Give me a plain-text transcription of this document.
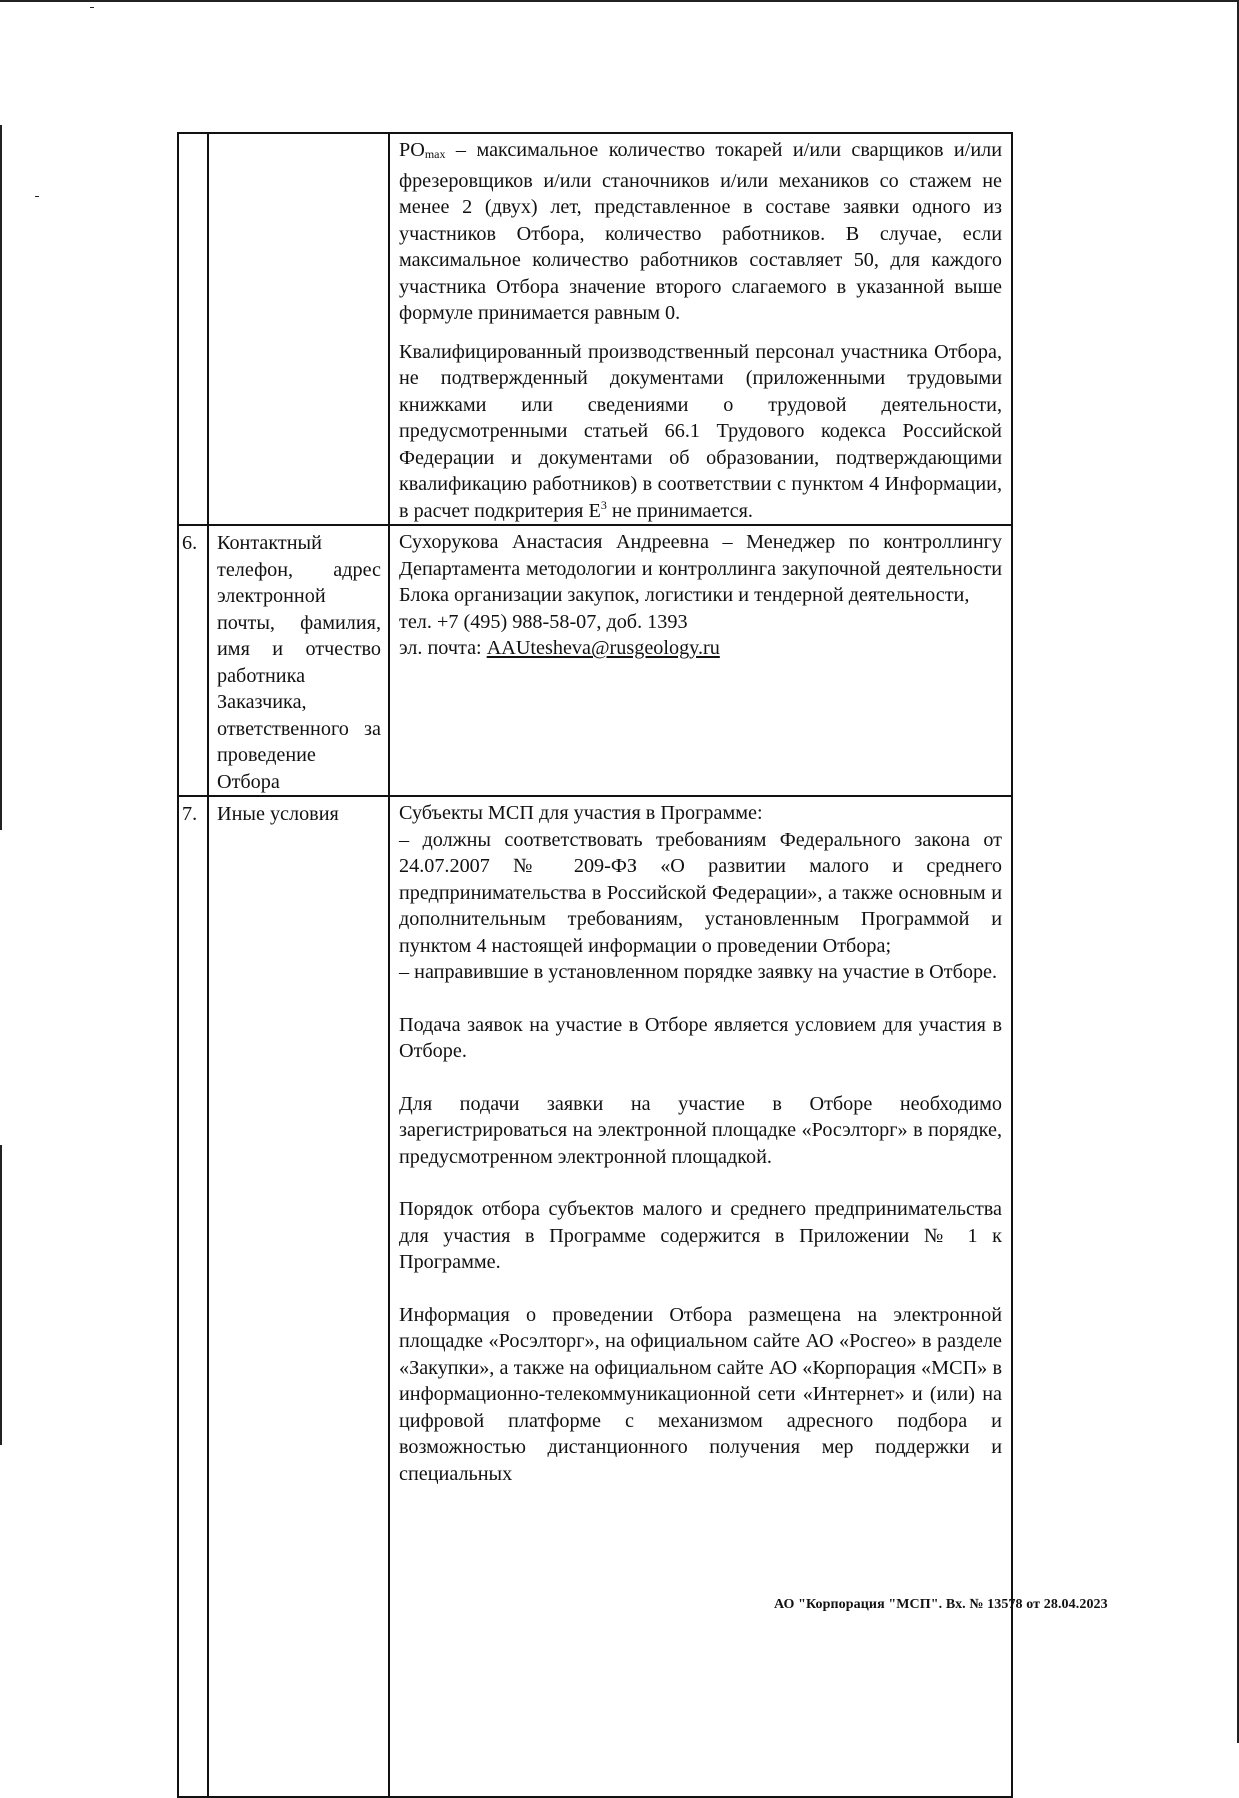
		$PO_{max}$ – максимальное количество токарей и/или сварщиков и/или фрезеровщиков и/или станочников и/или механиков со стажем не менее 2 (двух) лет, представленное в составе заявки одного из участников Отбора, количество работников. В случае, если максимальное количество работников составляет 50, для каждого участника Отбора значение второго слагаемого в указанной выше формуле принимается равным 0.

Квалифицированный производственный персонал участника Отбора, не подтвержденный документами (приложенными трудовыми книжками или сведениями о трудовой деятельности, предусмотренными статьей 66.1 Трудового кодекса Российской Федерации и документами об образовании, подтверждающими квалификацию работников) в соответствии с пунктом 4 Информации, в расчет подкритерия $E^3$ не принимается.

6.	Контактный телефон, адрес электронной почты, фамилия, имя и отчество работника Заказчика, ответственного за проведение Отбора	Сухорукова Анастасия Андреевна – Менеджер по контроллингу Департамента методологии и контроллинга закупочной деятельности Блока организации закупок, логистики и тендерной деятельности,

тел. +7 (495) 988-58-07, доб. 1393

эл. почта: AAUtesheva@rusgeology.ru

7.	Иные условия	Субъекты МСП для участия в Программе:

– должны соответствовать требованиям Федерального закона от 24.07.2007 № 209-ФЗ «О развитии малого и среднего предпринимательства в Российской Федерации», а также основным и дополнительным требованиям, установленным Программой и пунктом 4 настоящей информации о проведении Отбора;

– направившие в установленном порядке заявку на участие в Отборе.

Подача заявок на участие в Отборе является условием для участия в Отборе.

Для подачи заявки на участие в Отборе необходимо зарегистрироваться на электронной площадке «Росэлторг» в порядке, предусмотренном электронной площадкой.

Порядок отбора субъектов малого и среднего предпринимательства для участия в Программе содержится в Приложении № 1 к Программе.

Информация о проведении Отбора размещена на электронной площадке «Росэлторг», на официальном сайте АО «Росгео» в разделе «Закупки», а также на официальном сайте АО «Корпорация «МСП» в информационно-телекоммуникационной сети «Интернет» и (или) на цифровой платформе с механизмом адресного подбора и возможностью дистанционного получения мер поддержки и специальных

АО "Корпорация "МСП". Вх. № 13578 от 28.04.2023
